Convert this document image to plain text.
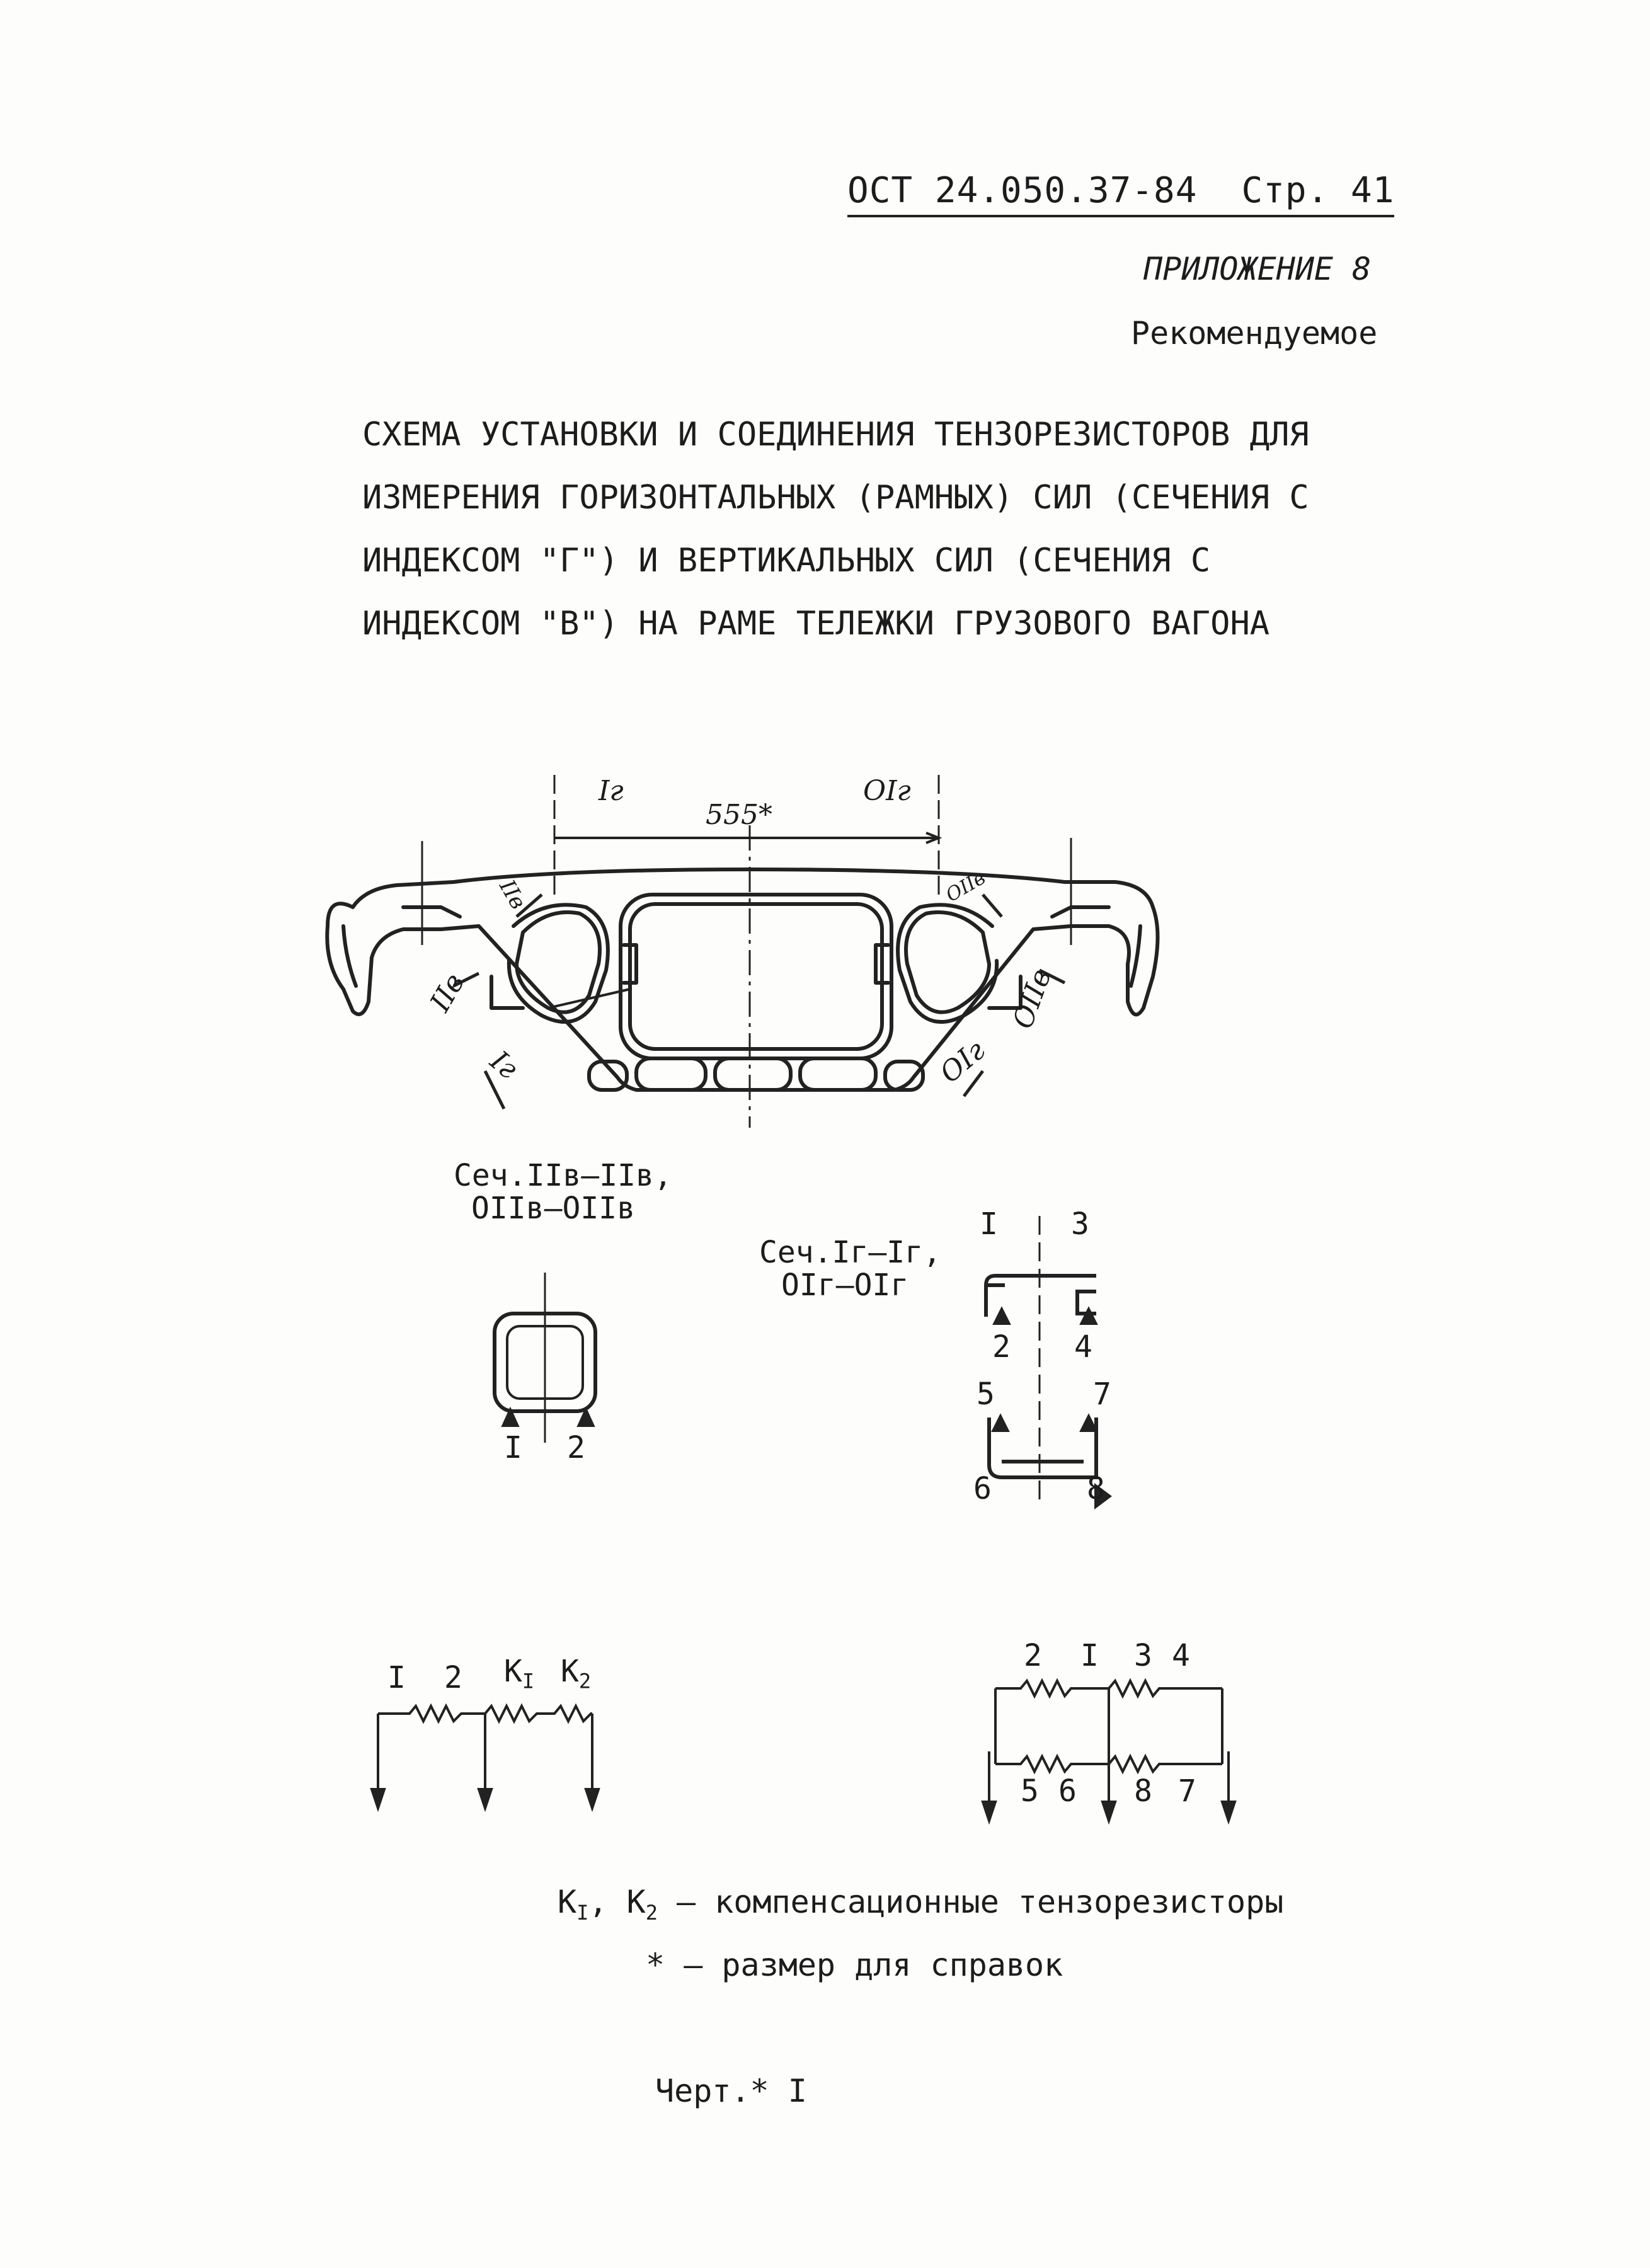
ОСТ 24.050.37-84 Стр. 41
ПРИЛОЖЕНИЕ 8
Рекомендуемое
СХЕМА УСТАНОВКИ И СОЕДИНЕНИЯ ТЕНЗОРЕЗИСТОРОВ ДЛЯ
ИЗМЕРЕНИЯ ГОРИЗОНТАЛЬНЫХ (РАМНЫХ) СИЛ (СЕЧЕНИЯ С
ИНДЕКСОМ "Г") И ВЕРТИКАЛЬНЫХ СИЛ (СЕЧЕНИЯ С
ИНДЕКСОМ "В") НА РАМЕ ТЕЛЕЖКИ ГРУЗОВОГО ВАГОНА
Iг
555*
OIг
IIв	OIIв
IIв
Iг
OIIв
OIг
Сеч.IIв–IIв,
OIIв–OIIв
I 2
Сеч.Iг–Iг,
OIг–OIг
I 3
2 4
5	7
6	8
I 2 $K_I$ $K_2$
2 I 3 4
5 6 8 7
$K_I$, $K_2$ – компенсационные тензорезисторы
* – размер для справок
Черт.* I
